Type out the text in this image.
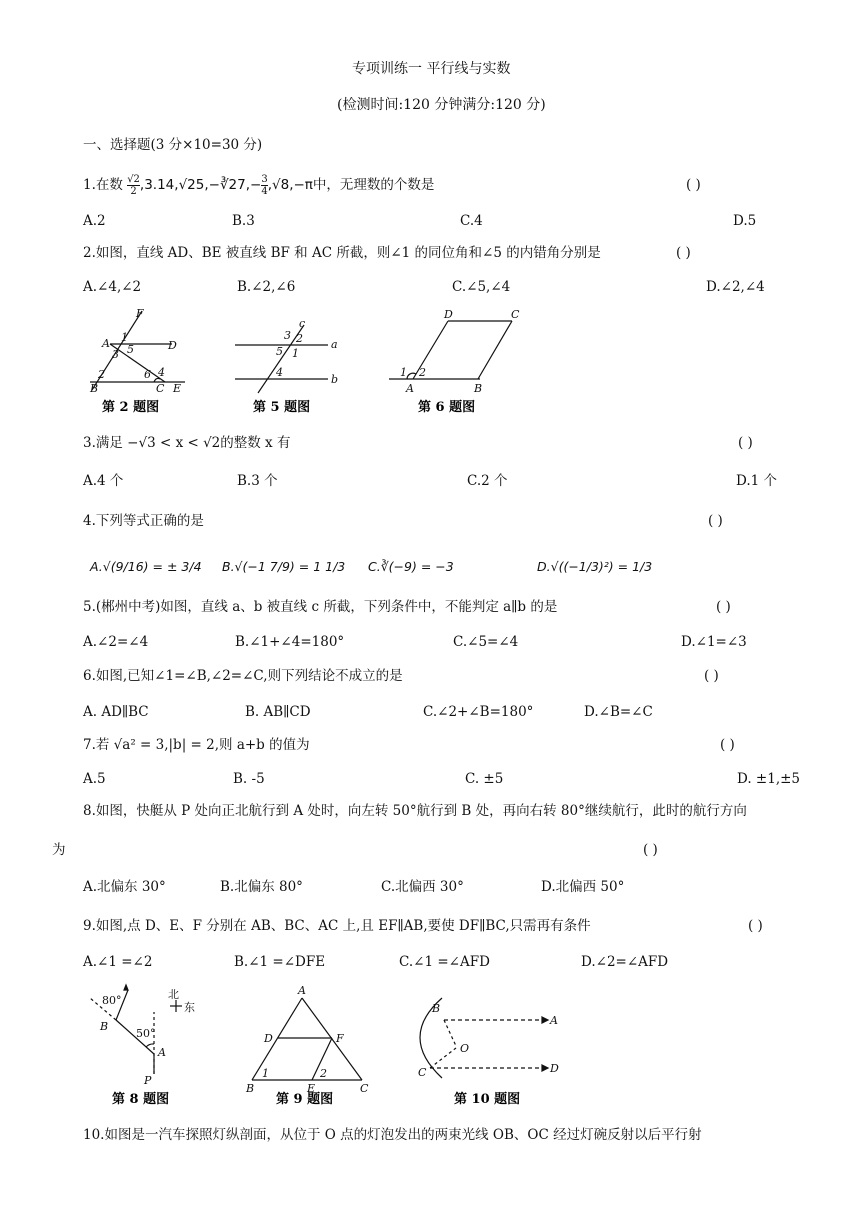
专项训练一 平行线与实数
(检测时间:120 分钟满分:120 分)
一、选择题(3 分×10=30 分)
1.在数 $\frac{√2}{2}$ ,3.14,√25,−∛27,− $\frac{3}{4} ,√8,-\pi$中，无理数的个数是	( )
A.2	B.3	C.4	D.5
2.如图，直线 AD、BE 被直线 BF 和 AC 所截，则∠1 的同位角和∠5 的内错角分别是	( )
A.∠4,∠2	B.∠2,∠6	C.∠5,∠4	D.∠2,∠4
F
A 1
3 5	D
2	6 4
B	C E
第 2 题图
c
3 2
5 1
a
4
b
第 5 题图
D	C
1 2
A	B
第 6 题图
3.满足 −√3 < x < √2的整数 x 有	( )
A.4 个	B.3 个	C.2 个	D.1 个
4.下列等式正确的是	( )
A.√(9/16) = ± 3/4 B.√(−1 7/9) = 1 1/3 C.∛(−9) = −3	D.√((−1/3)²) = 1/3
5.(郴州中考)如图，直线 a、b 被直线 c 所截，下列条件中，不能判定 a∥b 的是	( )
A.∠2=∠4	B.∠1+∠4=180°	C.∠5=∠4	D.∠1=∠3
6.如图,已知∠1=∠B,∠2=∠C,则下列结论不成立的是	( )
A. AD∥BC	B. AB∥CD	C.∠2+∠B=180°	D.∠B=∠C
7.若 √a² = 3,|b| = 2,则 a+b 的值为	( )
A.5	B. -5	C. ±5	D. ±1,±5
8.如图，快艇从 P 处向正北航行到 A 处时，向左转 50°航行到 B 处，再向右转 80°继续航行，此时的航行方向
为	( )
A.北偏东 30°	B.北偏东 80°	C.北偏西 30°	D.北偏西 50°
9.如图,点 D、E、F 分别在 AB、BC、AC 上,且 EF∥AB,要使 DF∥BC,只需再有条件	( )
A.∠1 =∠2	B.∠1 =∠DFE	C.∠1 =∠AFD	D.∠2=∠AFD
80°
B
北
东
50°
A
P
第 8 题图
A
D	F
1	2
B	E	C
第 9 题图
B
A
O
C	D
第 10 题图
10.如图是一汽车探照灯纵剖面，从位于 O 点的灯泡发出的两束光线 OB、OC 经过灯碗反射以后平行射
